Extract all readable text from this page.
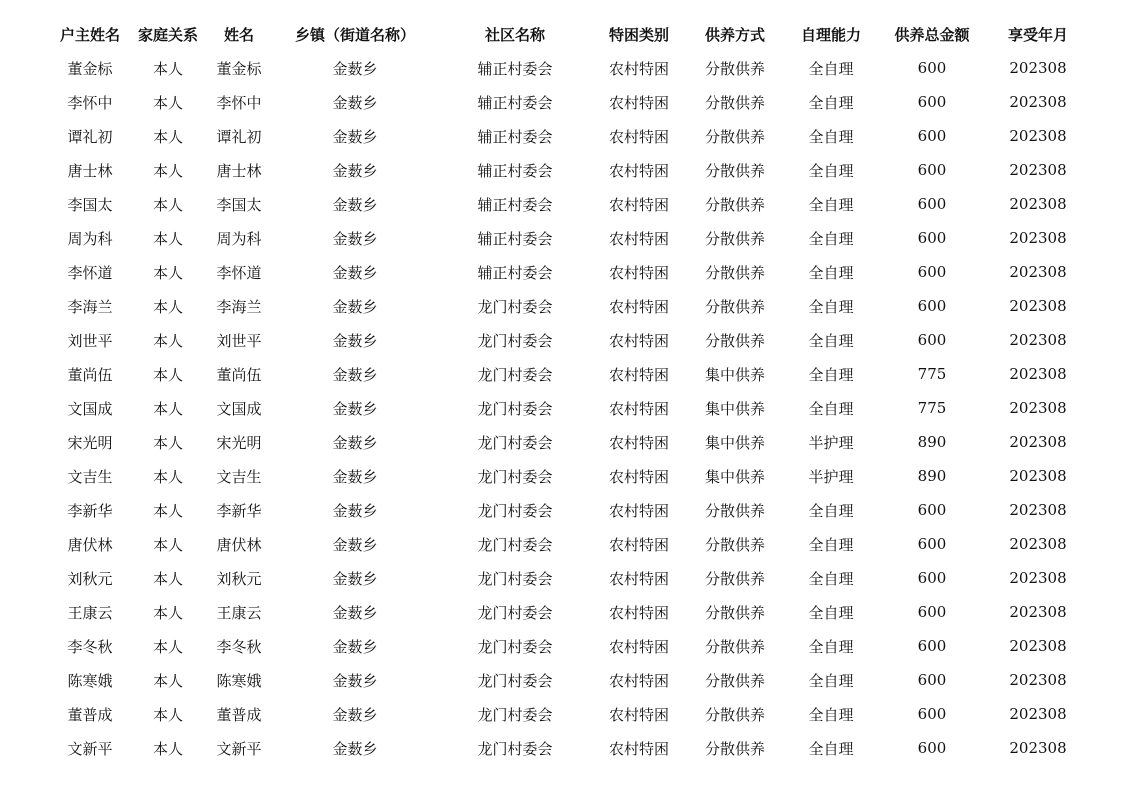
户主姓名	家庭关系	姓名	乡镇（街道名称）	社区名称	特困类别	供养方式	自理能力	供养总金额	享受年月
董金标	本人	董金标	金薮乡	辅正村委会	农村特困	分散供养	全自理	600	202308
李怀中	本人	李怀中	金薮乡	辅正村委会	农村特困	分散供养	全自理	600	202308
谭礼初	本人	谭礼初	金薮乡	辅正村委会	农村特困	分散供养	全自理	600	202308
唐士林	本人	唐士林	金薮乡	辅正村委会	农村特困	分散供养	全自理	600	202308
李国太	本人	李国太	金薮乡	辅正村委会	农村特困	分散供养	全自理	600	202308
周为科	本人	周为科	金薮乡	辅正村委会	农村特困	分散供养	全自理	600	202308
李怀道	本人	李怀道	金薮乡	辅正村委会	农村特困	分散供养	全自理	600	202308
李海兰	本人	李海兰	金薮乡	龙门村委会	农村特困	分散供养	全自理	600	202308
刘世平	本人	刘世平	金薮乡	龙门村委会	农村特困	分散供养	全自理	600	202308
董尚伍	本人	董尚伍	金薮乡	龙门村委会	农村特困	集中供养	全自理	775	202308
文国成	本人	文国成	金薮乡	龙门村委会	农村特困	集中供养	全自理	775	202308
宋光明	本人	宋光明	金薮乡	龙门村委会	农村特困	集中供养	半护理	890	202308
文吉生	本人	文吉生	金薮乡	龙门村委会	农村特困	集中供养	半护理	890	202308
李新华	本人	李新华	金薮乡	龙门村委会	农村特困	分散供养	全自理	600	202308
唐伏林	本人	唐伏林	金薮乡	龙门村委会	农村特困	分散供养	全自理	600	202308
刘秋元	本人	刘秋元	金薮乡	龙门村委会	农村特困	分散供养	全自理	600	202308
王康云	本人	王康云	金薮乡	龙门村委会	农村特困	分散供养	全自理	600	202308
李冬秋	本人	李冬秋	金薮乡	龙门村委会	农村特困	分散供养	全自理	600	202308
陈寒娥	本人	陈寒娥	金薮乡	龙门村委会	农村特困	分散供养	全自理	600	202308
董普成	本人	董普成	金薮乡	龙门村委会	农村特困	分散供养	全自理	600	202308
文新平	本人	文新平	金薮乡	龙门村委会	农村特困	分散供养	全自理	600	202308
